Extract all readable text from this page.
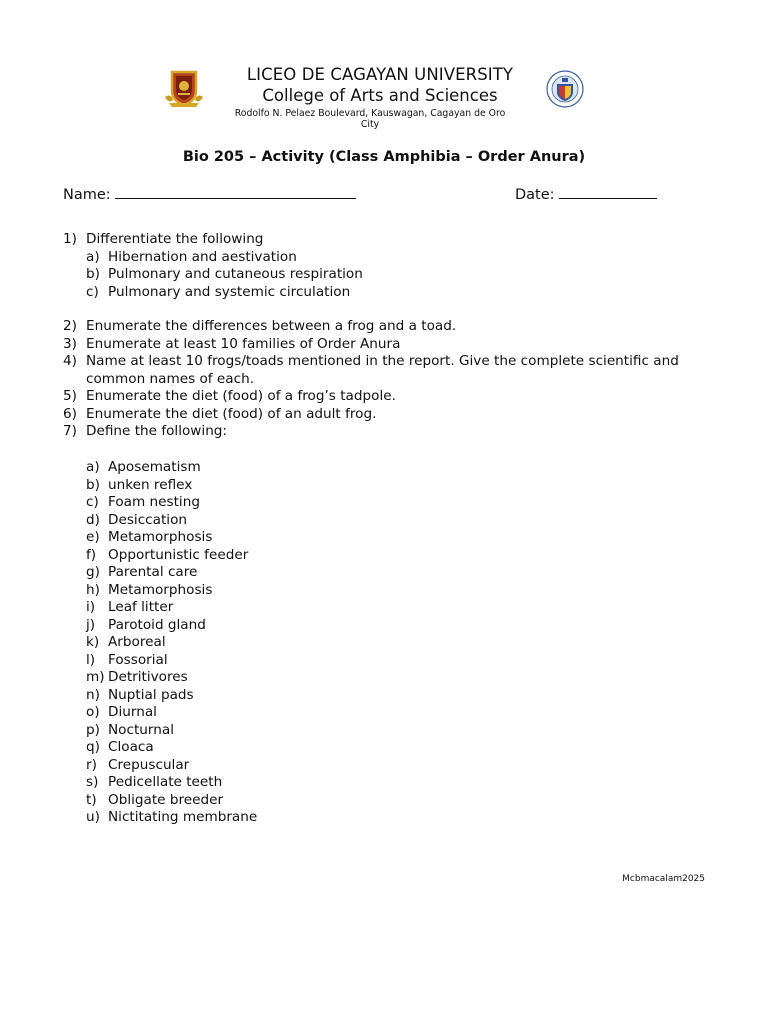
LICEO DE CAGAYAN UNIVERSITY
College of Arts and Sciences
Rodolfo N. Pelaez Boulevard, Kauswagan, Cagayan de Oro
City
Bio 205 – Activity (Class Amphibia – Order Anura)
Name:	Date:
1) Differentiate the following
a) Hibernation and aestivation
b) Pulmonary and cutaneous respiration
c) Pulmonary and systemic circulation
2) Enumerate the differences between a frog and a toad.
3) Enumerate at least 10 families of Order Anura
4) Name at least 10 frogs/toads mentioned in the report. Give the complete scientific and common names of each.
5) Enumerate the diet (food) of a frog’s tadpole.
6) Enumerate the diet (food) of an adult frog.
7) Define the following:
a) Aposematism
b) unken reflex
c) Foam nesting
d) Desiccation
e) Metamorphosis
f) Opportunistic feeder
g) Parental care
h) Metamorphosis
i) Leaf litter
j) Parotoid gland
k) Arboreal
l) Fossorial
m) Detritivores
n) Nuptial pads
o) Diurnal
p) Nocturnal
q) Cloaca
r) Crepuscular
s) Pedicellate teeth
t) Obligate breeder
u) Nictitating membrane
Mcbmacalam2025
